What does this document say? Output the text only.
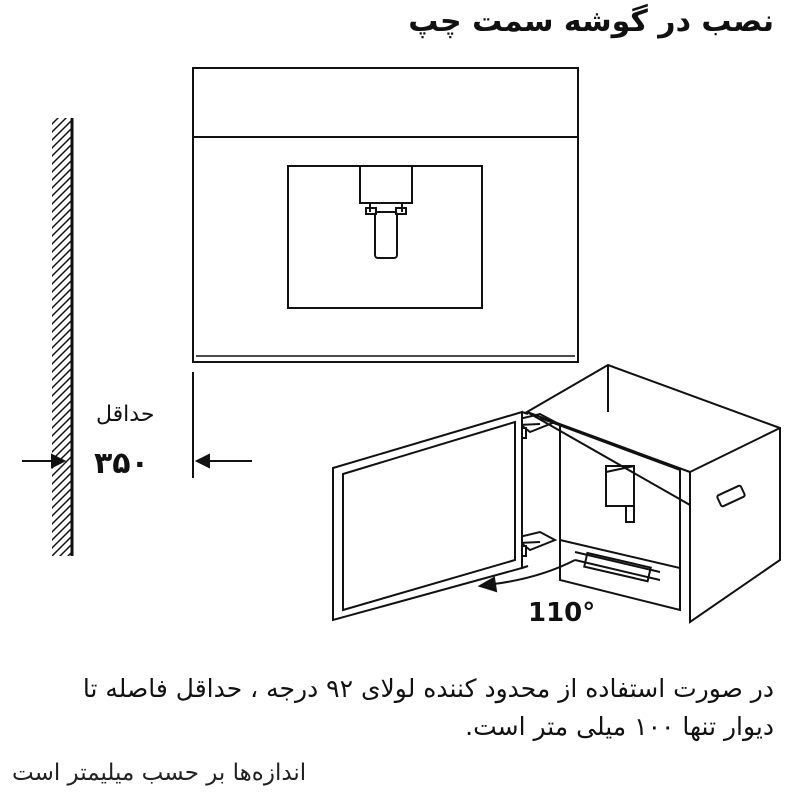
نصب در گوشه سمت چپ
حداقل
۳۵۰
110°
در صورت استفاده از محدود کننده لولای ۹۲ درجه ، حداقل فاصله تا دیوار تنها ۱۰۰ میلی متر است.
اندازه‌ها بر حسب میلیمتر است
